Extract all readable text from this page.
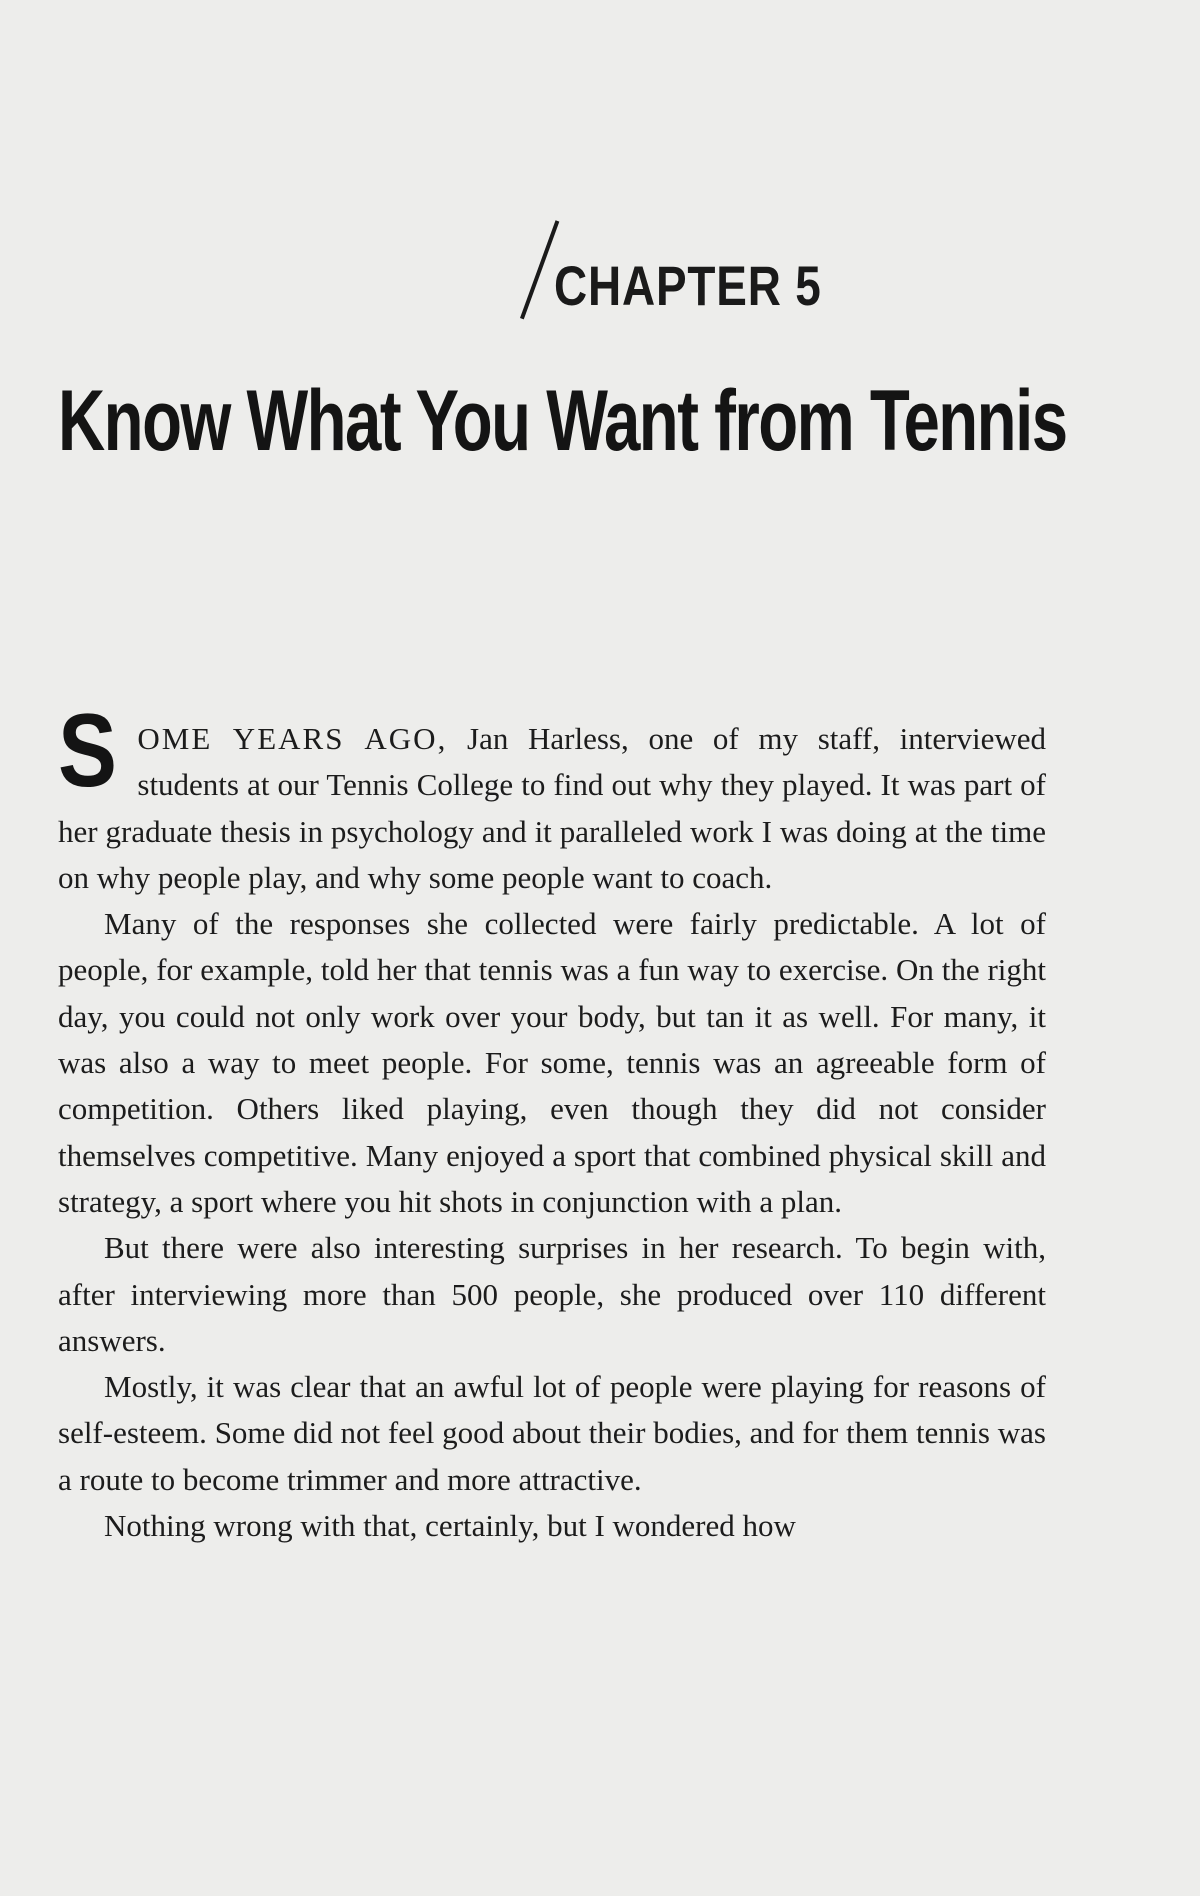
CHAPTER 5
Know What You Want from Tennis

SOME YEARS AGO, Jan Harless, one of my staff, interviewed students at our Tennis College to find out why they played. It was part of her graduate thesis in psychology and it paralleled work I was doing at the time on why people play, and why some people want to coach.

Many of the responses she collected were fairly predictable. A lot of people, for example, told her that tennis was a fun way to exercise. On the right day, you could not only work over your body, but tan it as well. For many, it was also a way to meet people. For some, tennis was an agreeable form of competition. Others liked playing, even though they did not consider themselves competitive. Many enjoyed a sport that combined physical skill and strategy, a sport where you hit shots in conjunction with a plan.

But there were also interesting surprises in her research. To begin with, after interviewing more than 500 people, she produced over 110 different answers.

Mostly, it was clear that an awful lot of people were playing for reasons of self-esteem. Some did not feel good about their bodies, and for them tennis was a route to become trimmer and more attractive.

Nothing wrong with that, certainly, but I wondered how
